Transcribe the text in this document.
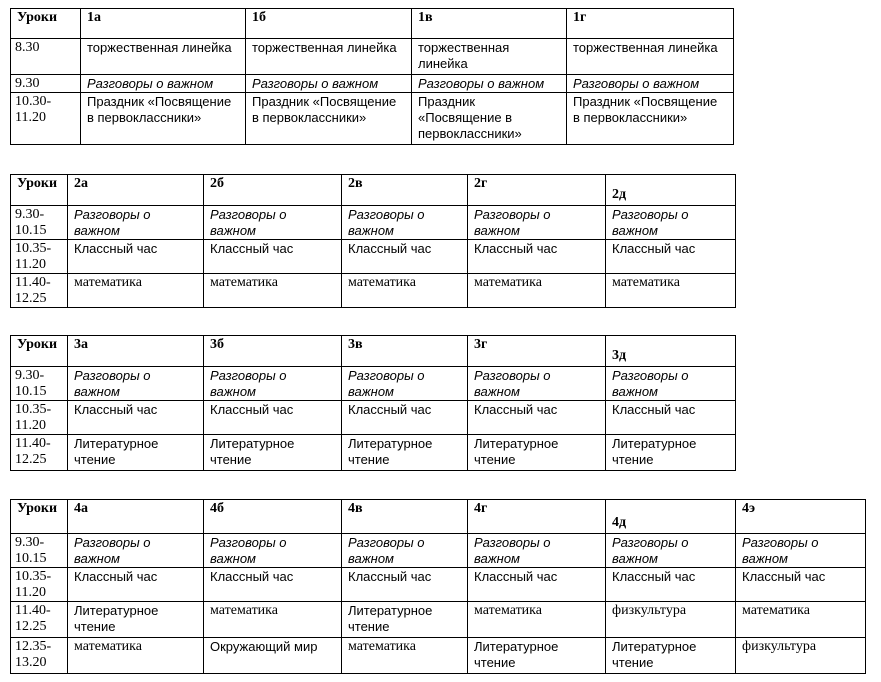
Уроки	1а	1б	1в	1г
8.30	торжественная линейка	торжественная линейка	торжественная линейка	торжественная линейка
9.30	Разговоры о важном	Разговоры о важном	Разговоры о важном	Разговоры о важном
10.30-11.20	Праздник «Посвящение в первоклассники»	Праздник «Посвящение в первоклассники»	Праздник «Посвящение в первоклассники»	Праздник «Посвящение в первоклассники»
Уроки	2а	2б	2в	2г	2д
9.30-10.15	Разговоры о важном	Разговоры о важном	Разговоры о важном	Разговоры о важном	Разговоры о важном
10.35-11.20	Классный час	Классный час	Классный час	Классный час	Классный час
11.40-12.25	математика	математика	математика	математика	математика
Уроки	3а	3б	3в	3г	3д
9.30-10.15	Разговоры о важном	Разговоры о важном	Разговоры о важном	Разговоры о важном	Разговоры о важном
10.35-11.20	Классный час	Классный час	Классный час	Классный час	Классный час
11.40-12.25	Литературное чтение	Литературное чтение	Литературное чтение	Литературное чтение	Литературное чтение
Уроки	4а	4б	4в	4г	4д	4э
9.30-10.15	Разговоры о важном	Разговоры о важном	Разговоры о важном	Разговоры о важном	Разговоры о важном	Разговоры о важном
10.35-11.20	Классный час	Классный час	Классный час	Классный час	Классный час	Классный час
11.40-12.25	Литературное чтение	математика	Литературное чтение	математика	физкультура	математика
12.35-13.20	математика	Окружающий мир	математика	Литературное чтение	Литературное чтение	физкультура
